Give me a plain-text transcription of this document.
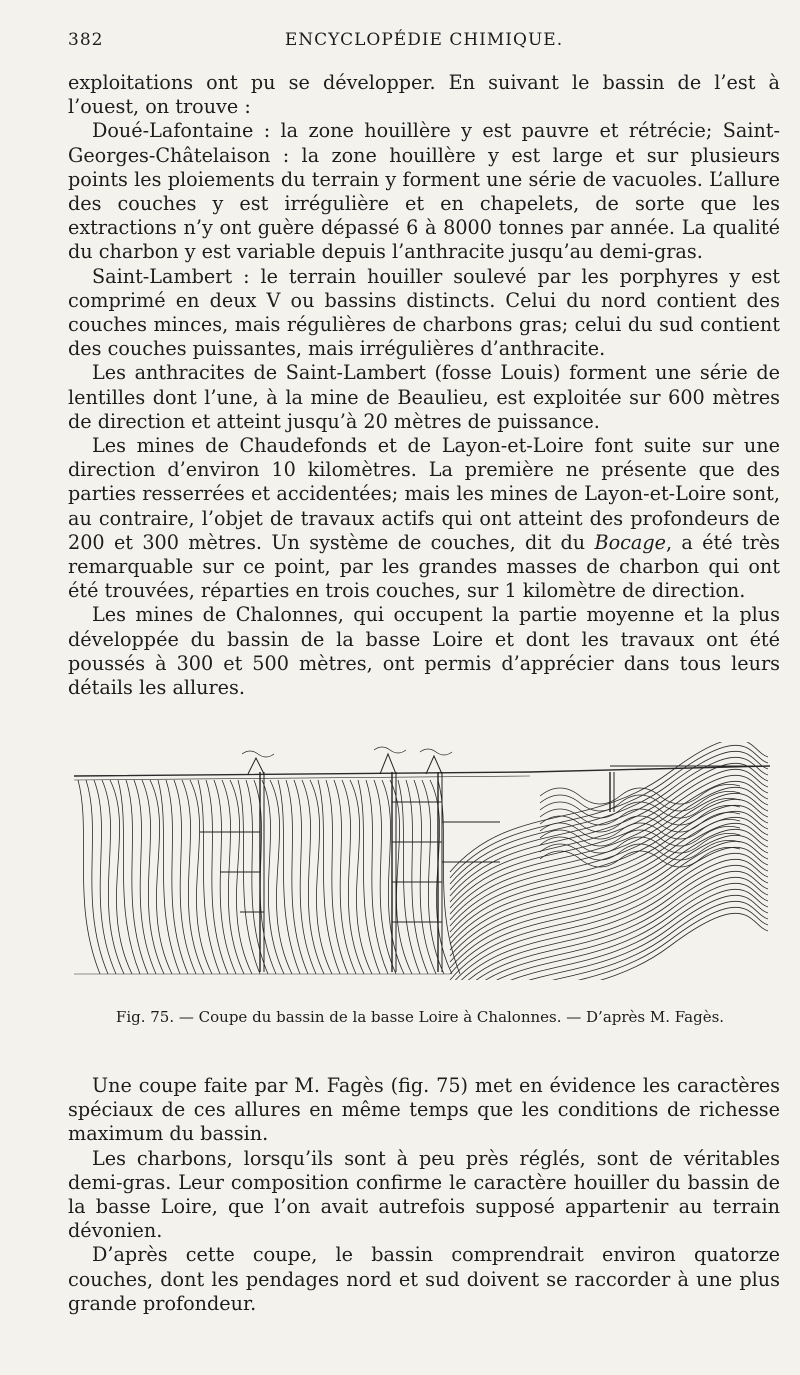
382	ENCYCLOPÉDIE CHIMIQUE.

exploitations ont pu se développer. En suivant le bassin de l’est à l’ouest, on trouve :

Doué-Lafontaine : la zone houillère y est pauvre et rétrécie; Saint-Georges-Châtelaison : la zone houillère y est large et sur plusieurs points les ploiements du terrain y forment une série de vacuoles. L’allure des couches y est irrégulière et en chapelets, de sorte que les extractions n’y ont guère dépassé 6 à 8000 tonnes par année. La qualité du charbon y est variable depuis l’anthracite jusqu’au demi-gras.

Saint-Lambert : le terrain houiller soulevé par les porphyres y est comprimé en deux V ou bassins distincts. Celui du nord contient des couches minces, mais régulières de charbons gras; celui du sud contient des couches puissantes, mais irrégulières d’anthracite.

Les anthracites de Saint-Lambert (fosse Louis) forment une série de lentilles dont l’une, à la mine de Beaulieu, est exploitée sur 600 mètres de direction et atteint jusqu’à 20 mètres de puissance.

Les mines de Chaudefonds et de Layon-et-Loire font suite sur une direction d’environ 10 kilomètres. La première ne présente que des parties resserrées et accidentées; mais les mines de Layon-et-Loire sont, au contraire, l’objet de travaux actifs qui ont atteint des profondeurs de 200 et 300 mètres. Un système de couches, dit du Bocage, a été très remarquable sur ce point, par les grandes masses de charbon qui ont été trouvées, réparties en trois couches, sur 1 kilomètre de direction.

Les mines de Chalonnes, qui occupent la partie moyenne et la plus développée du bassin de la basse Loire et dont les travaux ont été poussés à 300 et 500 mètres, ont permis d’apprécier dans tous leurs détails les allures.

Fig. 75. — Coupe du bassin de la basse Loire à Chalonnes. — D’après M. Fagès.

Une coupe faite par M. Fagès (fig. 75) met en évidence les caractères spéciaux de ces allures en même temps que les conditions de richesse maximum du bassin.

Les charbons, lorsqu’ils sont à peu près réglés, sont de véritables demi-gras. Leur composition confirme le caractère houiller du bassin de la basse Loire, que l’on avait autrefois supposé appartenir au terrain dévonien.

D’après cette coupe, le bassin comprendrait environ quatorze couches, dont les pendages nord et sud doivent se raccorder à une plus grande profondeur.
